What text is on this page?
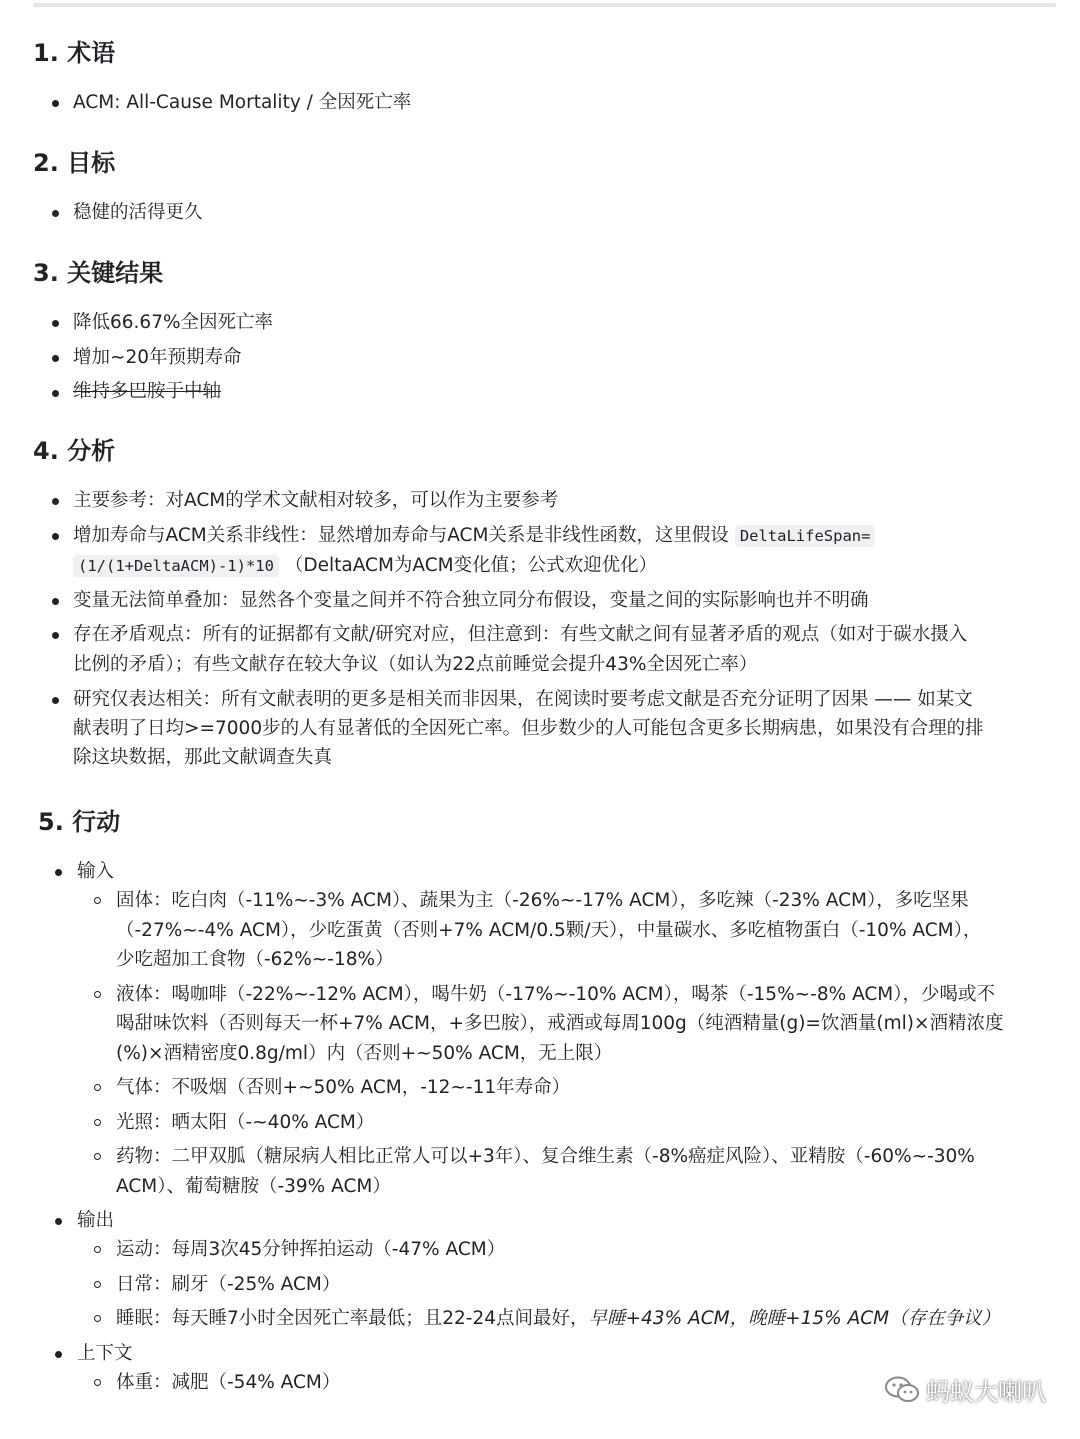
1. 术语
ACM: All-Cause Mortality / 全因死亡率
2. 目标
稳健的活得更久
3. 关键结果
降低66.67%全因死亡率
增加~20年预期寿命
维持多巴胺于中轴
4. 分析
主要参考：对ACM的学术文献相对较多，可以作为主要参考
增加寿命与ACM关系非线性：显然增加寿命与ACM关系是非线性函数，这里假设 DeltaLifeSpan=
(1/(1+DeltaACM)-1)*10 （DeltaACM为ACM变化值；公式欢迎优化）
变量无法简单叠加：显然各个变量之间并不符合独立同分布假设，变量之间的实际影响也并不明确
存在矛盾观点：所有的证据都有文献/研究对应，但注意到：有些文献之间有显著矛盾的观点（如对于碳水摄入
比例的矛盾）；有些文献存在较大争议（如认为22点前睡觉会提升43%全因死亡率）
研究仅表达相关：所有文献表明的更多是相关而非因果，在阅读时要考虑文献是否充分证明了因果 —— 如某文
献表明了日均>=7000步的人有显著低的全因死亡率。但步数少的人可能包含更多长期病患，如果没有合理的排
除这块数据，那此文献调查失真
5. 行动
输入
固体：吃白肉（-11%~-3% ACM）、蔬果为主（-26%~-17% ACM），多吃辣（-23% ACM），多吃坚果
（-27%~-4% ACM），少吃蛋黄（否则+7% ACM/0.5颗/天），中量碳水、多吃植物蛋白（-10% ACM），
少吃超加工食物（-62%~-18%）
液体：喝咖啡（-22%~-12% ACM），喝牛奶（-17%~-10% ACM），喝茶（-15%~-8% ACM），少喝或不
喝甜味饮料（否则每天一杯+7% ACM，+多巴胺），戒酒或每周100g（纯酒精量(g)=饮酒量(ml)×酒精浓度
(%)×酒精密度0.8g/ml）内（否则+~50% ACM，无上限）
气体：不吸烟（否则+~50% ACM，-12~-11年寿命）
光照：晒太阳（-~40% ACM）
药物：二甲双胍（糖尿病人相比正常人可以+3年）、复合维生素（-8%癌症风险）、亚精胺（-60%~-30%
ACM）、葡萄糖胺（-39% ACM）
输出
运动：每周3次45分钟挥拍运动（-47% ACM）
日常：刷牙（-25% ACM）
睡眠：每天睡7小时全因死亡率最低；且22-24点间最好，早睡+43% ACM，晚睡+15% ACM（存在争议）
上下文
体重：减肥（-54% ACM）	蚂蚁大喇叭
